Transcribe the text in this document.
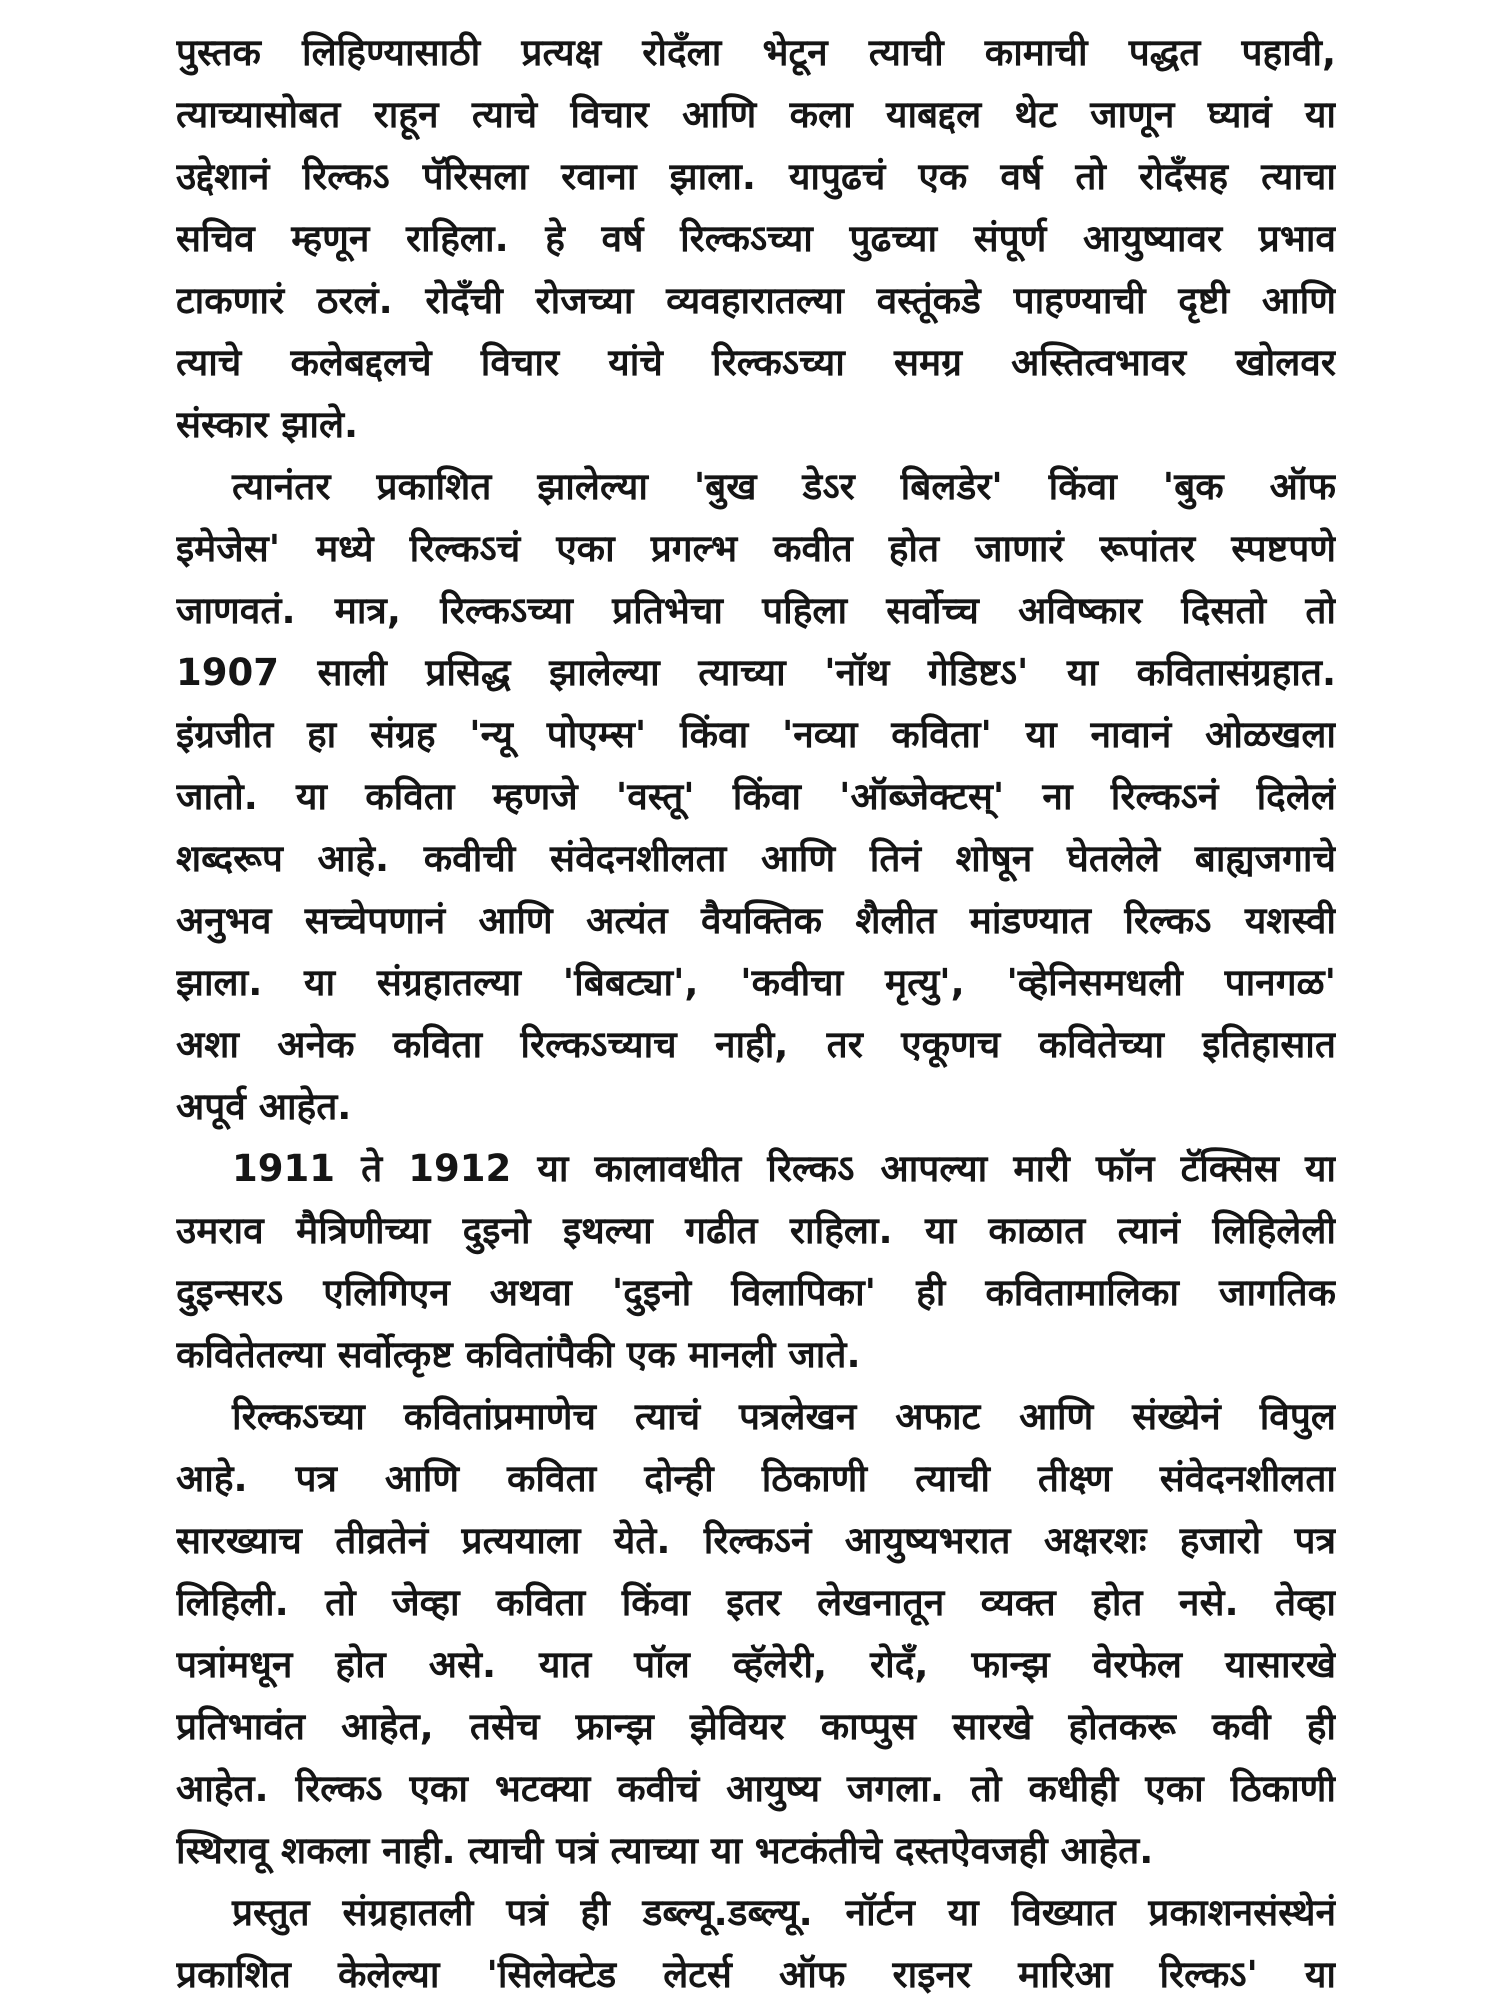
पुस्तक लिहिण्यासाठी प्रत्यक्ष रोदँला भेटून त्याची कामाची पद्धत पहावी,
त्याच्यासोबत राहून त्याचे विचार आणि कला याबद्दल थेट जाणून घ्यावं या
उद्देशानं रिल्कऽ पॅरिसला रवाना झाला. यापुढचं एक वर्ष तो रोदँसह त्याचा
सचिव म्हणून राहिला. हे वर्ष रिल्कऽच्या पुढच्या संपूर्ण आयुष्यावर प्रभाव
टाकणारं ठरलं. रोदँची रोजच्या व्यवहारातल्या वस्तूंकडे पाहण्याची दृष्टी आणि
त्याचे कलेबद्दलचे विचार यांचे रिल्कऽच्या समग्र अस्तित्वभावर खोलवर
संस्कार झाले.
त्यानंतर प्रकाशित झालेल्या 'बुख डेऽर बिलडेर' किंवा 'बुक ऑफ
इमेजेस' मध्ये रिल्कऽचं एका प्रगल्भ कवीत होत जाणारं रूपांतर स्पष्टपणे
जाणवतं. मात्र, रिल्कऽच्या प्रतिभेचा पहिला सर्वोच्च अविष्कार दिसतो तो
1907 साली प्रसिद्ध झालेल्या त्याच्या 'नॉथ गेडिष्टऽ' या कवितासंग्रहात.
इंग्रजीत हा संग्रह 'न्यू पोएम्स' किंवा 'नव्या कविता' या नावानं ओळखला
जातो. या कविता म्हणजे 'वस्तू' किंवा 'ऑब्जेक्टस्' ना रिल्कऽनं दिलेलं
शब्दरूप आहे. कवीची संवेदनशीलता आणि तिनं शोषून घेतलेले बाह्यजगाचे
अनुभव सच्चेपणानं आणि अत्यंत वैयक्तिक शैलीत मांडण्यात रिल्कऽ यशस्वी
झाला. या संग्रहातल्या 'बिबट्या', 'कवीचा मृत्यु', 'व्हेनिसमधली पानगळ'
अशा अनेक कविता रिल्कऽच्याच नाही, तर एकूणच कवितेच्या इतिहासात
अपूर्व आहेत.
1911 ते 1912 या कालावधीत रिल्कऽ आपल्या मारी फॉन टॅक्सिस या
उमराव मैत्रिणीच्या दुइनो इथल्या गढीत राहिला. या काळात त्यानं लिहिलेली
दुइन्सरऽ एलिगिएन अथवा 'दुइनो विलापिका' ही कवितामालिका जागतिक
कवितेतल्या सर्वोत्कृष्ट कवितांपैकी एक मानली जाते.
रिल्कऽच्या कवितांप्रमाणेच त्याचं पत्रलेखन अफाट आणि संख्येनं विपुल
आहे. पत्र आणि कविता दोन्ही ठिकाणी त्याची तीक्ष्ण संवेदनशीलता
सारख्याच तीव्रतेनं प्रत्ययाला येते. रिल्कऽनं आयुष्यभरात अक्षरशः हजारो पत्र
लिहिली. तो जेव्हा कविता किंवा इतर लेखनातून व्यक्त होत नसे. तेव्हा
पत्रांमधून होत असे. यात पॉल व्हॅलेरी, रोदँ, फान्झ वेरफेल यासारखे
प्रतिभावंत आहेत, तसेच फ्रान्झ झेवियर काप्पुस सारखे होतकरू कवी ही
आहेत. रिल्कऽ एका भटक्या कवीचं आयुष्य जगला. तो कधीही एका ठिकाणी
स्थिरावू शकला नाही. त्याची पत्रं त्याच्या या भटकंतीचे दस्तऐवजही आहेत.
प्रस्तुत संग्रहातली पत्रं ही डब्ल्यू.डब्ल्यू. नॉर्टन या विख्यात प्रकाशनसंस्थेनं
प्रकाशित केलेल्या 'सिलेक्टेड लेटर्स ऑफ राइनर मारिआ रिल्कऽ' या
